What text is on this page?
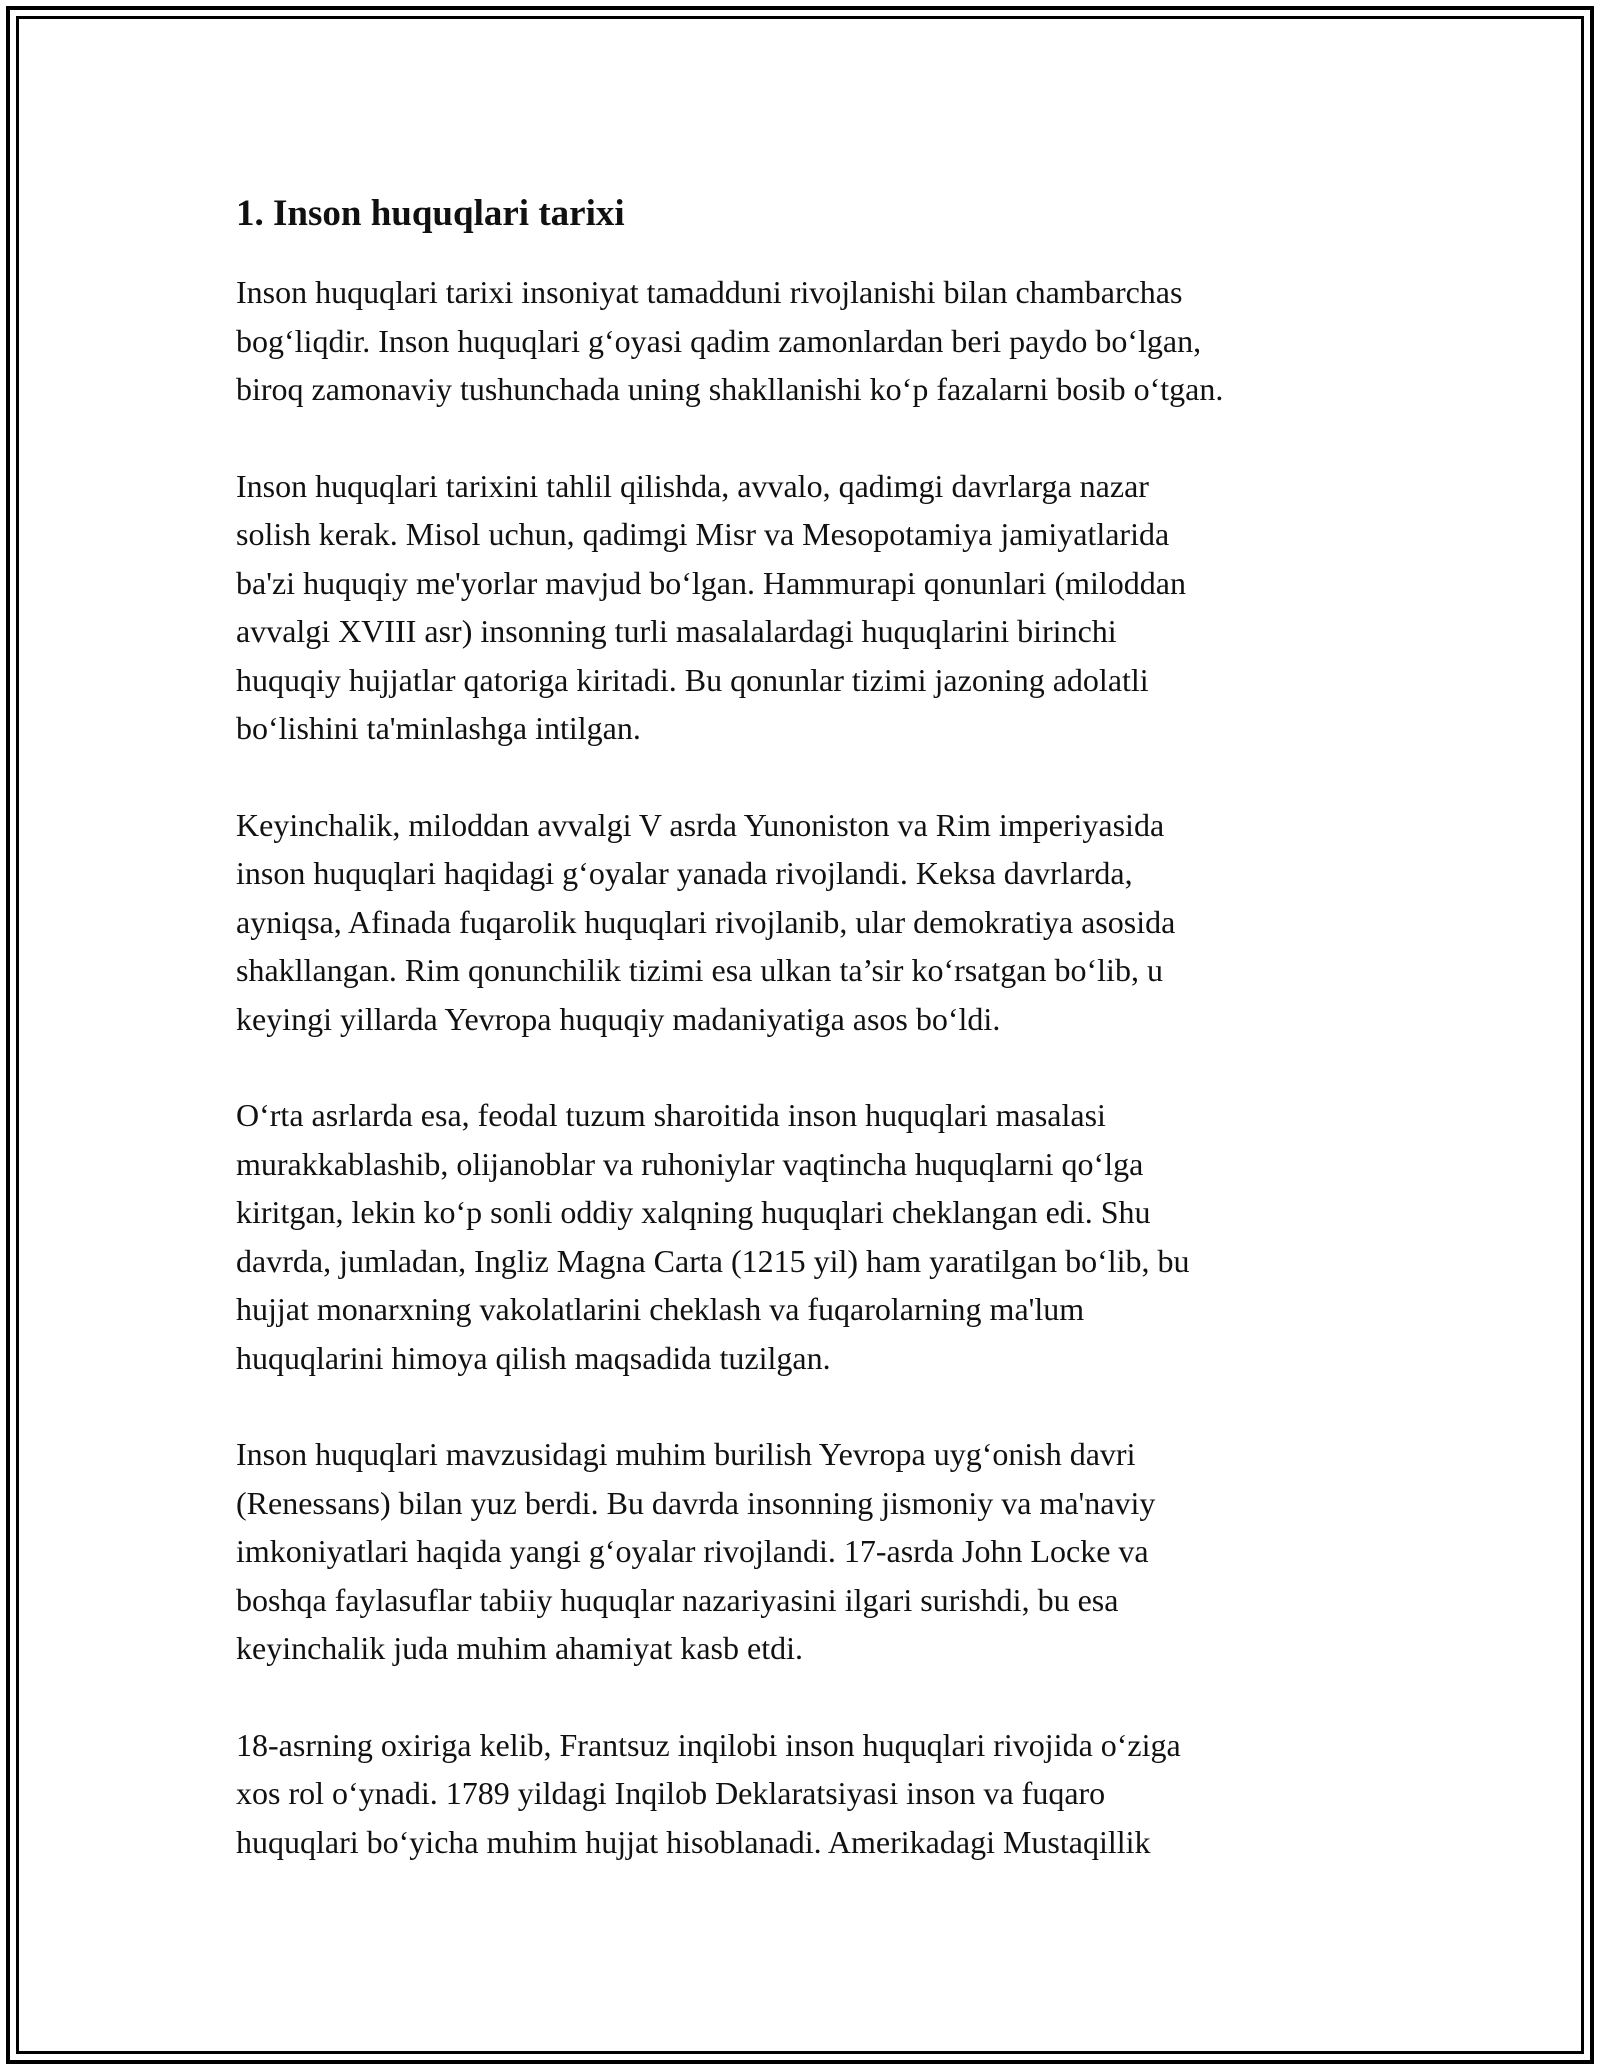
1. Inson huquqlari tarixi

Inson huquqlari tarixi insoniyat tamadduni rivojlanishi bilan chambarchas
bog‘liqdir. Inson huquqlari g‘oyasi qadim zamonlardan beri paydo bo‘lgan,
biroq zamonaviy tushunchada uning shakllanishi ko‘p fazalarni bosib o‘tgan.

Inson huquqlari tarixini tahlil qilishda, avvalo, qadimgi davrlarga nazar
solish kerak. Misol uchun, qadimgi Misr va Mesopotamiya jamiyatlarida
ba'zi huquqiy me'yorlar mavjud bo‘lgan. Hammurapi qonunlari (miloddan
avvalgi XVIII asr) insonning turli masalalardagi huquqlarini birinchi
huquqiy hujjatlar qatoriga kiritadi. Bu qonunlar tizimi jazoning adolatli
bo‘lishini ta'minlashga intilgan.

Keyinchalik, miloddan avvalgi V asrda Yunoniston va Rim imperiyasida
inson huquqlari haqidagi g‘oyalar yanada rivojlandi. Keksa davrlarda,
ayniqsa, Afinada fuqarolik huquqlari rivojlanib, ular demokratiya asosida
shakllangan. Rim qonunchilik tizimi esa ulkan ta’sir ko‘rsatgan bo‘lib, u
keyingi yillarda Yevropa huquqiy madaniyatiga asos bo‘ldi.

O‘rta asrlarda esa, feodal tuzum sharoitida inson huquqlari masalasi
murakkablashib, olijanoblar va ruhoniylar vaqtincha huquqlarni qo‘lga
kiritgan, lekin ko‘p sonli oddiy xalqning huquqlari cheklangan edi. Shu
davrda, jumladan, Ingliz Magna Carta (1215 yil) ham yaratilgan bo‘lib, bu
hujjat monarxning vakolatlarini cheklash va fuqarolarning ma'lum
huquqlarini himoya qilish maqsadida tuzilgan.

Inson huquqlari mavzusidagi muhim burilish Yevropa uyg‘onish davri
(Renessans) bilan yuz berdi. Bu davrda insonning jismoniy va ma'naviy
imkoniyatlari haqida yangi g‘oyalar rivojlandi. 17-asrda John Locke va
boshqa faylasuflar tabiiy huquqlar nazariyasini ilgari surishdi, bu esa
keyinchalik juda muhim ahamiyat kasb etdi.

18-asrning oxiriga kelib, Frantsuz inqilobi inson huquqlari rivojida o‘ziga
xos rol o‘ynadi. 1789 yildagi Inqilob Deklaratsiyasi inson va fuqaro
huquqlari bo‘yicha muhim hujjat hisoblanadi. Amerikadagi Mustaqillik
